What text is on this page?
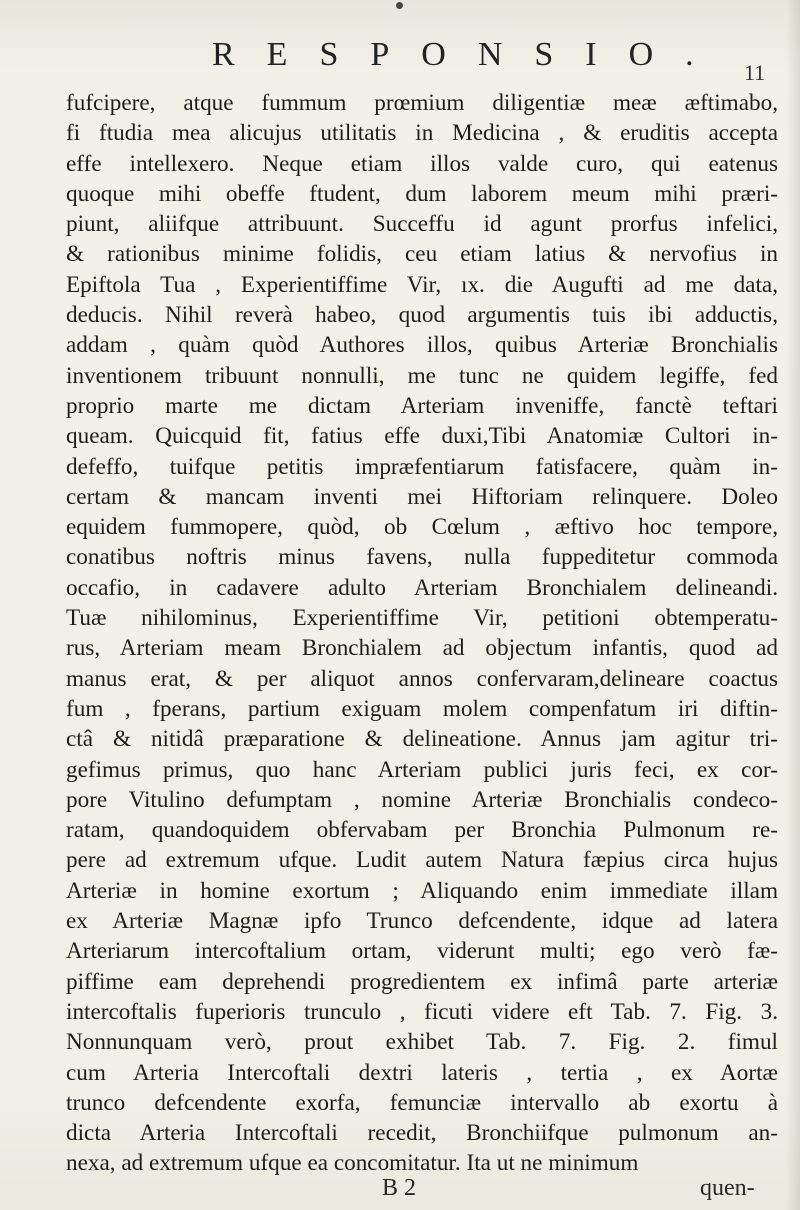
RESPONSIO. 11
fufcipere, atque fummum prœmium diligentiæ meæ æftimabo,
fi ftudia mea alicujus utilitatis in Medicina , & eruditis accepta
effe intellexero. Neque etiam illos valde curo, qui eatenus
quoque mihi obeffe ftudent, dum laborem meum mihi præri-
piunt, aliifque attribuunt. Succeffu id agunt prorfus infelici,
& rationibus minime folidis, ceu etiam latius & nervofius in
Epiftola Tua , Experientiffime Vir, ıx. die Augufti ad me data,
deducis. Nihil reverà habeo, quod argumentis tuis ibi adductis,
addam , quàm quòd Authores illos, quibus Arteriæ Bronchialis
inventionem tribuunt nonnulli, me tunc ne quidem legiffe, fed
proprio marte me dictam Arteriam inveniffe, fanctè teftari
queam. Quicquid fit, fatius effe duxi,Tibi Anatomiæ Cultori in-
defeffo, tuifque petitis impræfentiarum fatisfacere, quàm in-
certam & mancam inventi mei Hiftoriam relinquere. Doleo
equidem fummopere, quòd, ob Cœlum , æftivo hoc tempore,
conatibus noftris minus favens, nulla fuppeditetur commoda
occafio, in cadavere adulto Arteriam Bronchialem delineandi.
Tuæ nihilominus, Experientiffime Vir, petitioni obtemperatu-
rus, Arteriam meam Bronchialem ad objectum infantis, quod ad
manus erat, & per aliquot annos confervaram,delineare coactus
fum , fperans, partium exiguam molem compenfatum iri diftin-
ctâ & nitidâ præparatione & delineatione. Annus jam agitur tri-
gefimus primus, quo hanc Arteriam publici juris feci, ex cor-
pore Vitulino defumptam , nomine Arteriæ Bronchialis condeco-
ratam, quandoquidem obfervabam per Bronchia Pulmonum re-
pere ad extremum ufque. Ludit autem Natura fæpius circa hujus
Arteriæ in homine exortum ; Aliquando enim immediate illam
ex Arteriæ Magnæ ipfo Trunco defcendente, idque ad latera
Arteriarum intercoftalium ortam, viderunt multi; ego verò fæ-
piffime eam deprehendi progredientem ex infimâ parte arteriæ
intercoftalis fuperioris trunculo , ficuti videre eft Tab. 7. Fig. 3.
Nonnunquam verò, prout exhibet Tab. 7. Fig. 2. fimul
cum Arteria Intercoftali dextri lateris , tertia , ex Aortæ
trunco defcendente exorfa, femunciæ intervallo ab exortu à
dicta Arteria Intercoftali recedit, Bronchiifque pulmonum an-
nexa, ad extremum ufque ea concomitatur. Ita ut ne minimum
B 2	quen-
